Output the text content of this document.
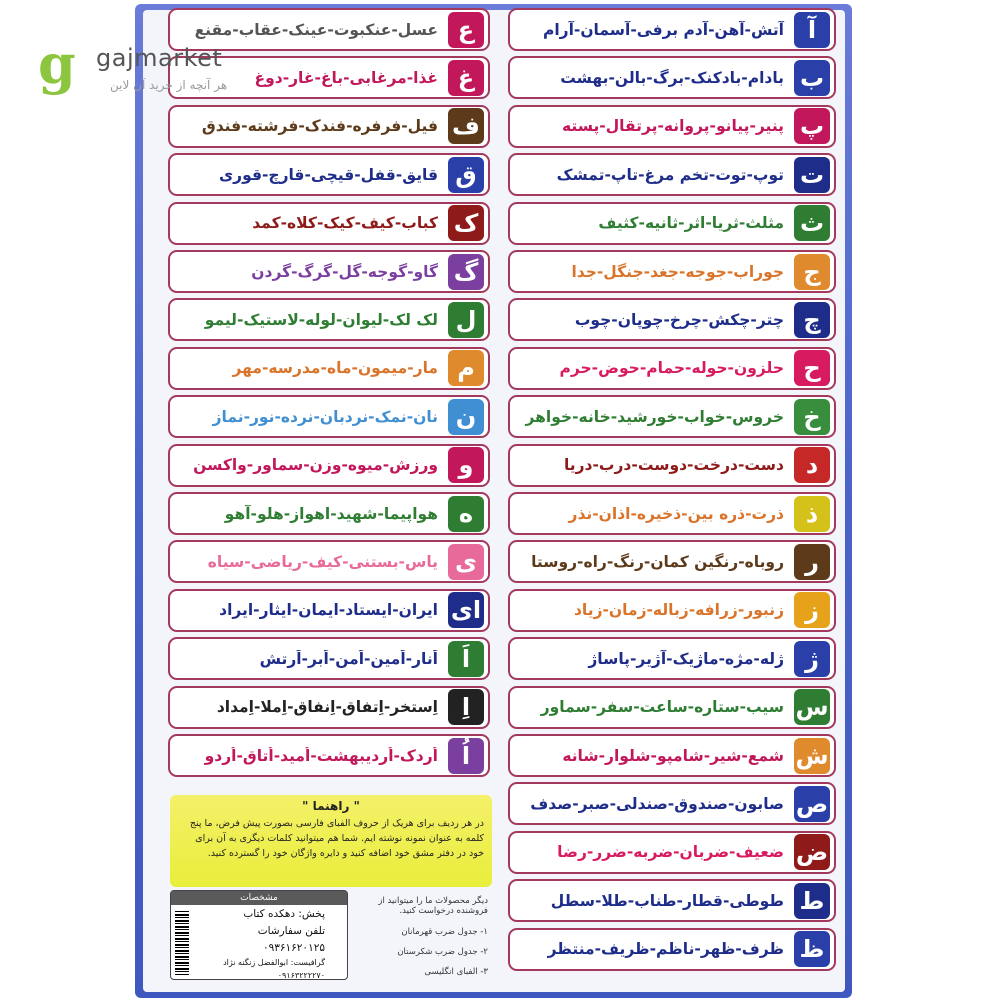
g gajmarket
هر آنچه از خرید آن لاین
آ
آتش-آهن-آدم برفی-آسمان-آرام
ب
بادام-بادکنک-برگ-بالن-بهشت
پ
پنیر-پیانو-پروانه-پرتقال-پسته
ت
توپ-توت-تخم مرغ-تاپ-تمشک
ث
مثلث-ثریا-اثر-ثانیه-کثیف
ج
جوراب-جوجه-جغد-جنگل-جدا
چ
چتر-چکش-چرخ-چوپان-چوب
ح
حلزون-حوله-حمام-حوض-حرم
خ
خروس-خواب-خورشید-خانه-خواهر
د
دست-درخت-دوست-درب-دریا
ذ
ذرت-ذره بین-ذخیره-اذان-نذر
ر
روباه-رنگین کمان-رنگ-راه-روستا
ز
زنبور-زرافه-زباله-زمان-زیاد
ژ
ژله-مژه-ماژیک-آژیر-پاساژ
س
سیب-ستاره-ساعت-سفر-سماور
ش
شمع-شیر-شامپو-شلوار-شانه
ص
صابون-صندوق-صندلی-صبر-صدف
ض
ضعیف-ضربان-ضربه-ضرر-رضا
ط
طوطی-قطار-طناب-طلا-سطل
ظ
ظرف-ظهر-ناظم-ظریف-منتظر
ع
عسل-عنکبوت-عینک-عقاب-مقنع
غ
غذا-مرغابی-باغ-غار-دوغ
ف
فیل-فرفره-فندک-فرشته-فندق
ق
قایق-قفل-قیچی-قارچ-قوری
ک
کباب-کیف-کیک-کلاه-کمد
گ
گاو-گوجه-گل-گرگ-گردن
ل
لک لک-لیوان-لوله-لاستیک-لیمو
م
مار-میمون-ماه-مدرسه-مهر
ن
نان-نمک-نردبان-نرده-نور-نماز
و
ورزش-میوه-وزن-سماور-واکسن
ه
هواپیما-شهید-اهواز-هلو-آهو
ی
یاس-بستنی-کیف-ریاضی-سیاه
ای
ایران-ایستاد-ایمان-ایثار-ایراد
اَ
اَنار-اَمین-اَمن-اَبر-اَرتش
اِ
اِستخر-اِتفاق-اِنفاق-اِملا-اِمداد
اُ
اُردک-اُردیبهشت-اُمید-اُتاق-اُردو
" راهنما "

در هر ردیف برای هریک از حروف الفبای فارسی بصورت پیش فرض، ما پنج کلمه به عنوان نمونه نوشته ایم. شما هم میتوانید کلمات دیگری به آن برای خود در دفتر مشق خود اضافه کنید و دایره واژگان خود را گسترده کنید.

مشخصات
پخش: دهکده کتاب
تلفن سفارشات
۰۹۳۶۱۶۲۰۱۲۵
گرافیست: ابوالفضل زنگنه نژاد
۰۹۱۶۳۲۲۲۲۷۰
دیگر محصولات ما را میتوانید از فروشنده درخواست کنید.
۱- جدول ضرب قهرمانان
۲- جدول ضرب شکرستان
۳- الفبای انگلیسی
